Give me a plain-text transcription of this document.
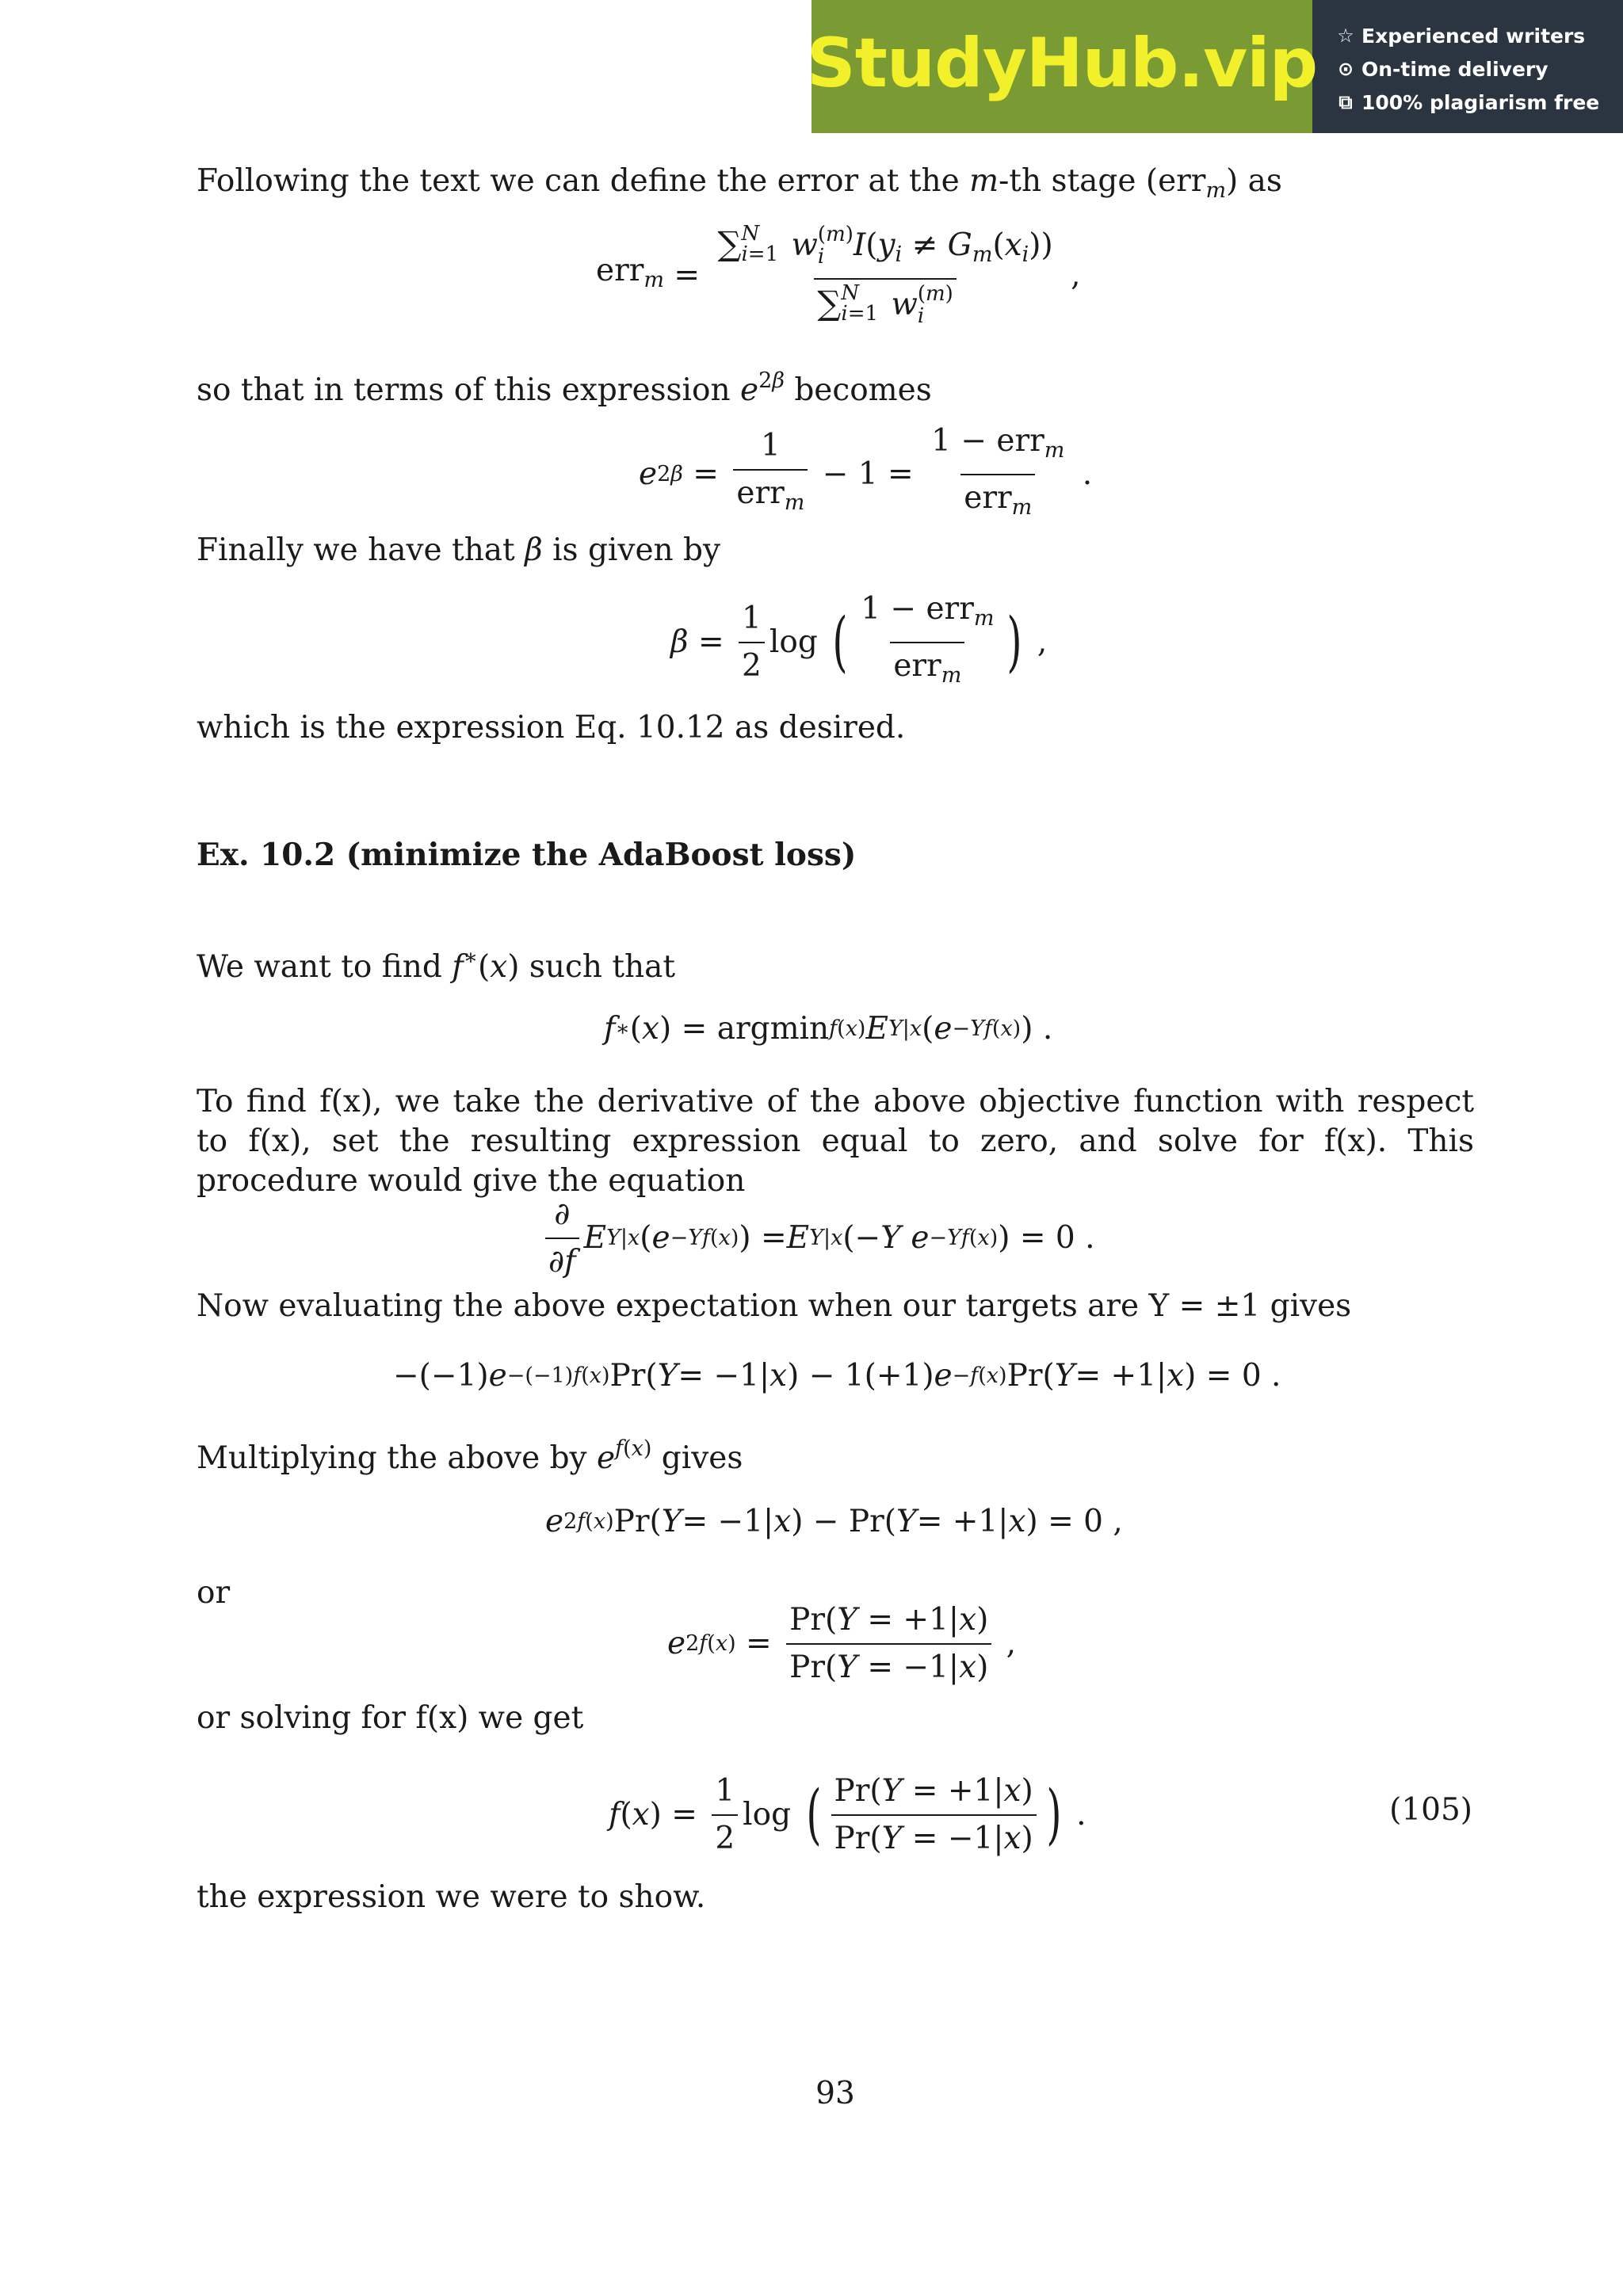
StudyHub.vip ☆ Experienced writers
⊙ On-time delivery
⧉ 100% plagiarism free
Following the text we can define the error at the m-th stage (err$_m$) as
err$_m$ = ∑ N
i=1
w (m)
i $I(y_i \ne G_m(x_i))$
∑ N
i=1
w (m)
i ,
so that in terms of this expression $e^{2\beta}$ becomes
e $2\beta = \frac{1}{err_m} - 1 = \frac{1 - err_m}{err_m}$ .
Finally we have that β is given by
$\beta = \frac{1}{2}$ log ( $\frac{1 - err_m}{err_m}$ ) ,
which is the expression Eq. 10.12 as desired.
Ex. 10.2 (minimize the AdaBoost loss)
We want to find f∗(x) such that
f ∗ ( x ) = argmin f(x) E Y|x ( e −Yf(x) ) .
To find f(x), we take the derivative of the above objective function with respect to f(x), set the resulting expression equal to zero, and solve for f(x). This procedure would give the equation
$\frac{\partial}{\partial f}$ E Y|x ( e −Yf(x) ) = E Y|x (− Y e −Yf(x) ) = 0 .
Now evaluating the above expectation when our targets are Y = ±1 gives
−(−1) e −(−1)f(x) Pr( Y = −1| x ) − 1(+1) e −f(x) Pr( Y = +1| x ) = 0 .
Multiplying the above by $e^{f(x)}$ gives
e 2f(x) Pr( Y = −1| x ) − Pr( Y = +1| x ) = 0 ,
or
e $2f(x) = \frac{Pr(Y = +1|x)}{Pr(Y = -1|x)}$ ,
or solving for f(x) we get
f ( x ) = $\frac{1}{2}$ log ( $\frac{Pr(Y = +1|x)}{Pr(Y = -1|x)}$ ) .	(105)
the expression we were to show.
93
